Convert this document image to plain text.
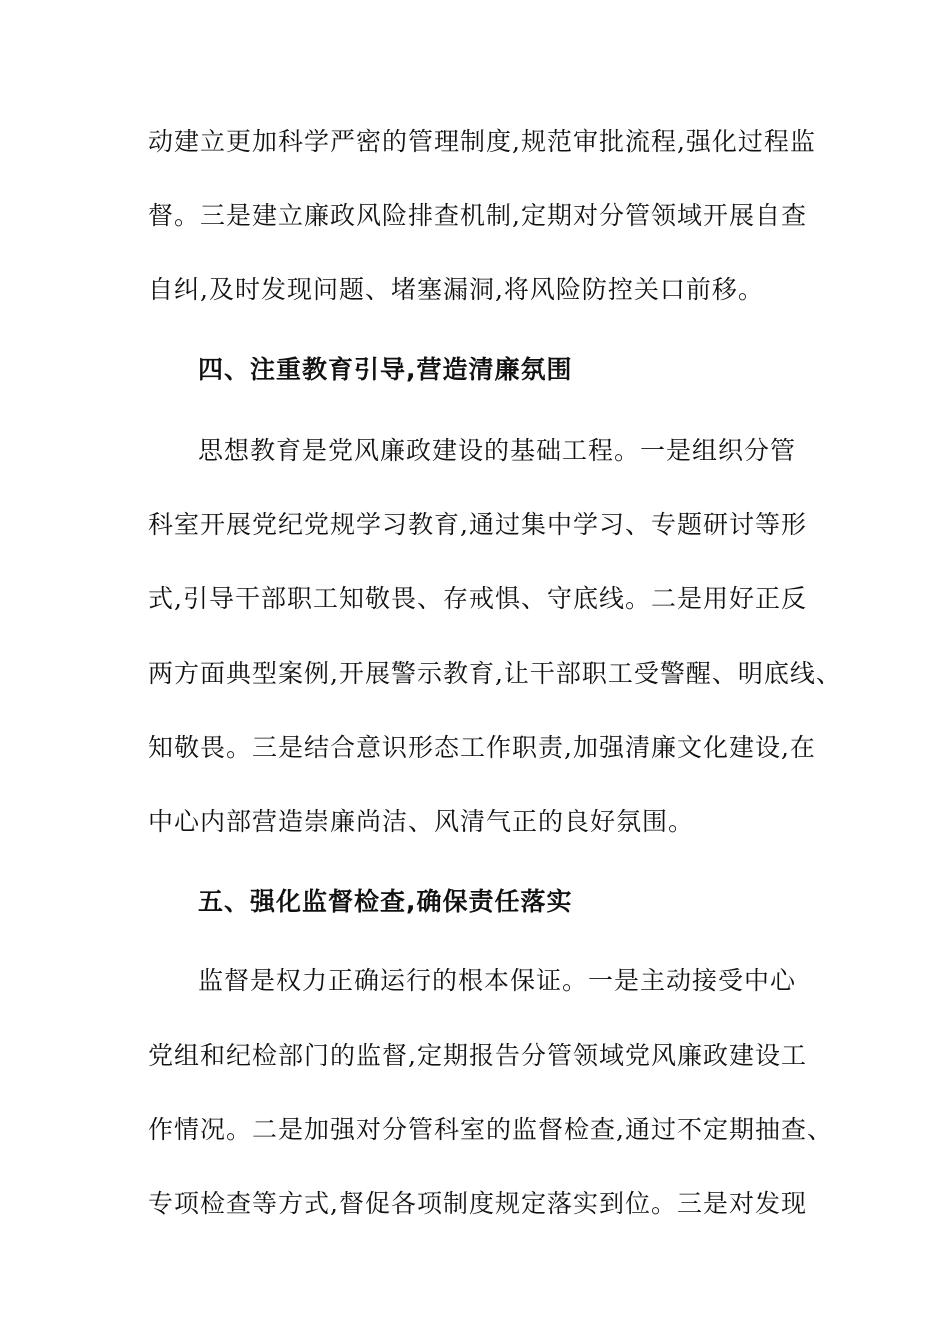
动建立更加科学严密的管理制度,规范审批流程,强化过程监
督。三是建立廉政风险排查机制,定期对分管领域开展自查
自纠,及时发现问题、堵塞漏洞,将风险防控关口前移。
四、注重教育引导,营造清廉氛围
思想教育是党风廉政建设的基础工程。一是组织分管
科室开展党纪党规学习教育,通过集中学习、专题研讨等形
式,引导干部职工知敬畏、存戒惧、守底线。二是用好正反
两方面典型案例,开展警示教育,让干部职工受警醒、明底线、
知敬畏。三是结合意识形态工作职责,加强清廉文化建设,在
中心内部营造崇廉尚洁、风清气正的良好氛围。
五、强化监督检查,确保责任落实
监督是权力正确运行的根本保证。一是主动接受中心
党组和纪检部门的监督,定期报告分管领域党风廉政建设工
作情况。二是加强对分管科室的监督检查,通过不定期抽查、
专项检查等方式,督促各项制度规定落实到位。三是对发现
